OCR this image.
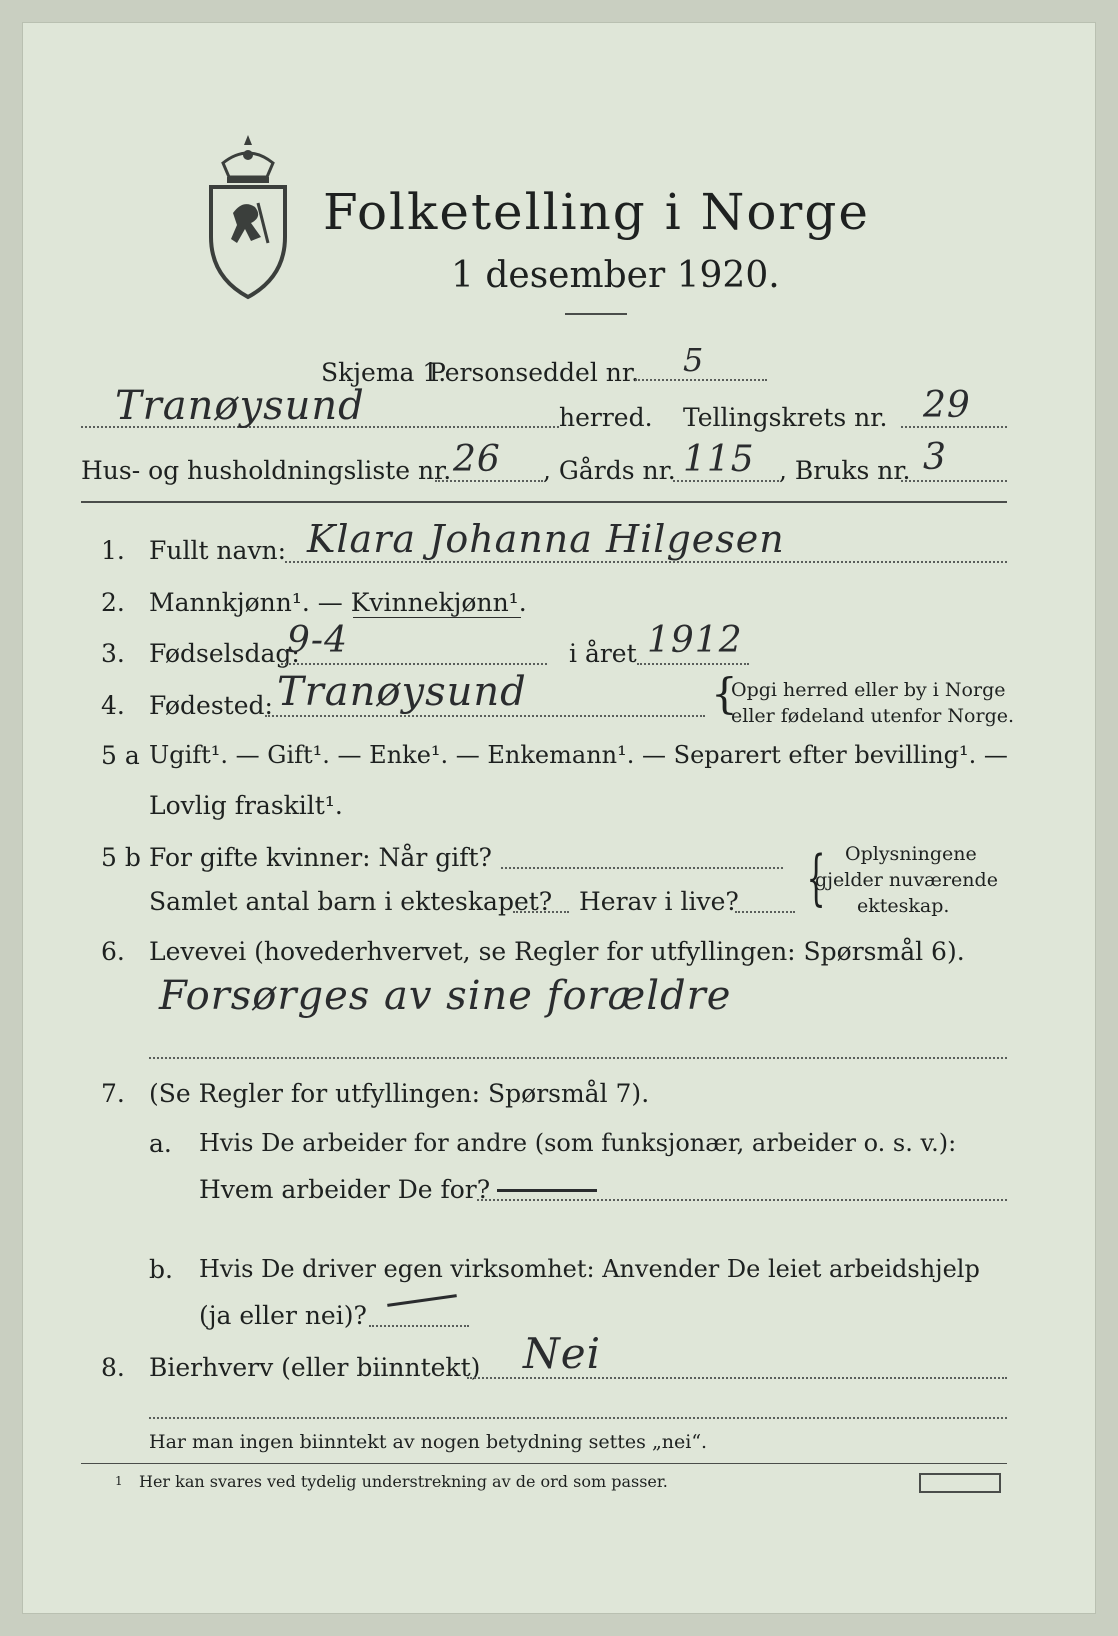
Folketelling i Norge
1 desember 1920.
Skjema 1.
Personseddel nr. 5
Tranøysund	herred. Tellingskrets nr. 29
Hus- og husholdningsliste nr. 26 , Gårds nr. 115 , Bruks nr. 3
1. Fullt navn: Klara Johanna Hilgesen
2. Mannkjønn¹. — Kvinnekjønn¹.
3. Fødselsdag:
9-4	i året 1912
4. Fødested: Tranøysund	{
Opgi herred eller by i Norge
eller fødeland utenfor Norge.
5 a Ugift¹. — Gift¹. — Enke¹. — Enkemann¹. — Separert efter bevilling¹. —
Lovlig fraskilt¹.
5 b For gifte kvinner: Når gift?
Samlet antal barn i ekteskapet? Herav i live? { Oplysningene
gjelder nuværende
ekteskap.
6. Levevei (hovederhvervet, se Regler for utfyllingen: Spørsmål 6).
Forsørges av sine forældre
7. (Se Regler for utfyllingen: Spørsmål 7).
a. Hvis De arbeider for andre (som funksjonær, arbeider o. s. v.):
Hvem arbeider De for?
b. Hvis De driver egen virksomhet: Anvender De leiet arbeidshjelp
(ja eller nei)?
8. Bierhverv (eller biinntekt) Nei
Har man ingen biinntekt av nogen betydning settes „nei“.
1 Her kan svares ved tydelig understrekning av de ord som passer.
